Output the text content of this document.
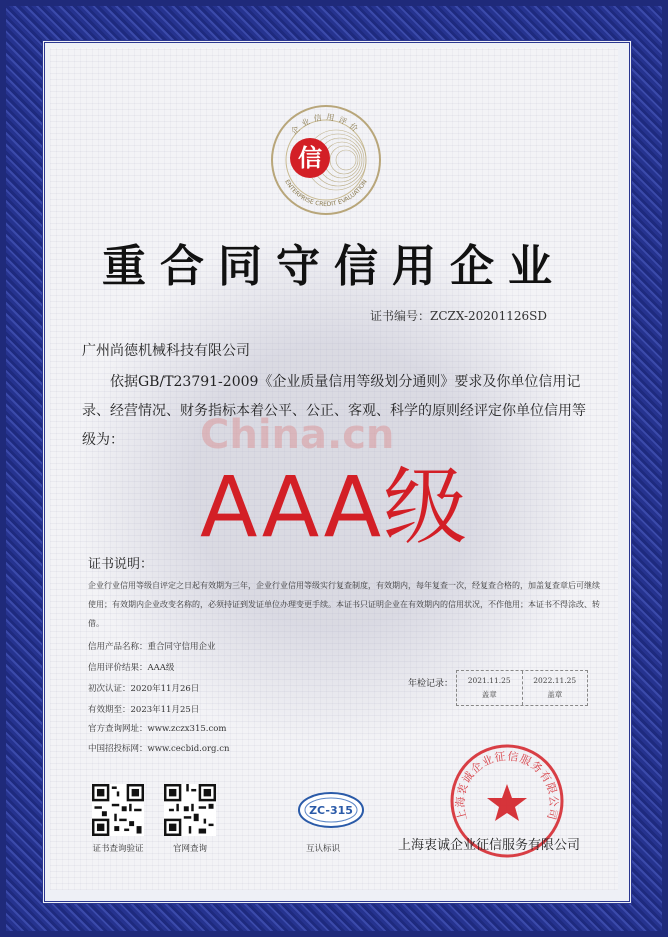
信
企业信用评价
ENTERPRISE CREDIT EVALUATION
重合同守信用企业
证书编号：ZCZX-20201126SD
广州尚德机械科技有限公司
依据GB/T23791-2009《企业质量信用等级划分通则》要求及你单位信用记录、经营情况、财务指标本着公平、公正、客观、科学的原则经评定你单位信用等级为：	China.cn
AAA级
证书说明：
企业行业信用等级自评定之日起有效期为三年，企业行业信用等级实行复查制度，有效期内，每年复查一次，经复查合格的，加盖复查章后可继续使用；有效期内企业改变名称的，必须持证到发证单位办理变更手续。本证书只证明企业在有效期内的信用状况，不作他用；本证书不得涂改、转借。
信用产品名称：重合同守信用企业
信用评价结果：AAA级
初次认证：2020年11月26日
有效期至：2023年11月25日
官方查询网址：www.zczx315.com
中国招投标网：www.cecbid.org.cn
年检记录：	2021.11.25
盖章
2022.11.25
盖章
证书查询验证	官网查询
ZC-315
互认标识
上海衷诚企业征信服务有限公司
上海衷诚企业征信服务有限公司
